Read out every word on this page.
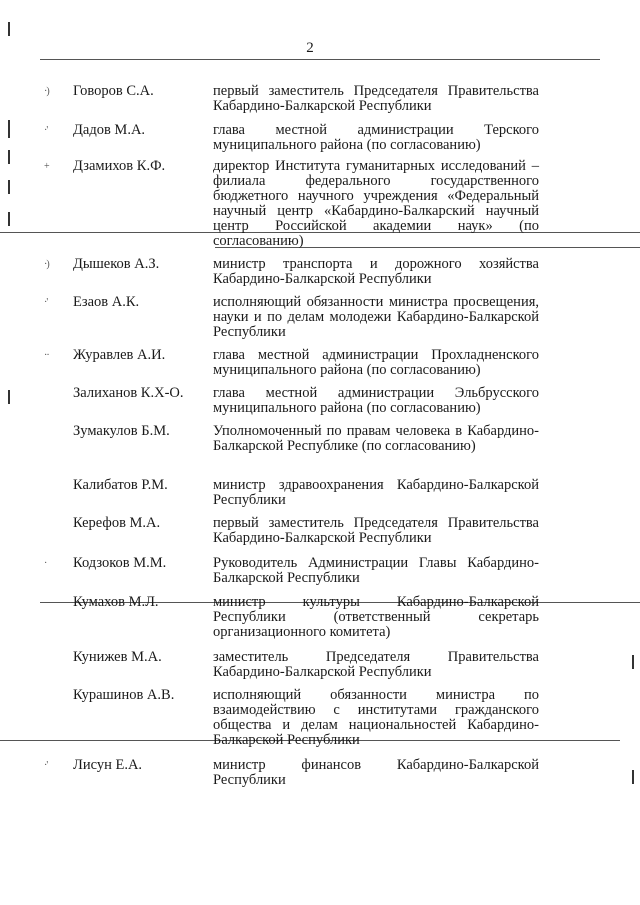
2
·) Говоров С.А.	первый заместитель Председателя Правительства Кабардино-Балкарской Республики
·' Дадов М.А.	глава местной администрации Терского муниципального района (по согласованию)
+ Дзамихов К.Ф.	директор Института гуманитарных исследований – филиала федерального государственного бюджетного научного учреждения «Федеральный научный центр «Кабардино-Балкарский научный центр Российской академии наук» (по согласованию)
·) Дышеков А.З.	министр транспорта и дорожного хозяйства Кабардино-Балкарской Республики
·' Езаов А.К.	исполняющий обязанности министра просвещения, науки и по делам молодежи Кабардино-Балкарской Республики
·· Журавлев А.И.	глава местной администрации Прохладненского муниципального района (по согласованию)
Залиханов К.Х-О.	глава местной администрации Эльбрусского муниципального района (по согласованию)
Зумакулов Б.М.	Уполномоченный по правам человека в Кабардино-Балкарской Республике (по согласованию)
Калибатов Р.М.	министр здравоохранения Кабардино-Балкарской Республики
Керефов М.А.	первый заместитель Председателя Правительства Кабардино-Балкарской Республики
· Кодзоков М.М.	Руководитель Администрации Главы Кабардино-Балкарской Республики
-- Кумахов М.Л.	министр культуры Кабардино-Балкарской Республики (ответственный секретарь организационного комитета)
Кунижев М.А.	заместитель Председателя Правительства Кабардино-Балкарской Республики
Курашинов А.В.	исполняющий обязанности министра по взаимодействию с институтами гражданского общества и делам национальностей Кабардино-Балкарской Республики
·' Лисун Е.А.	министр финансов Кабардино-Балкарской Республики
